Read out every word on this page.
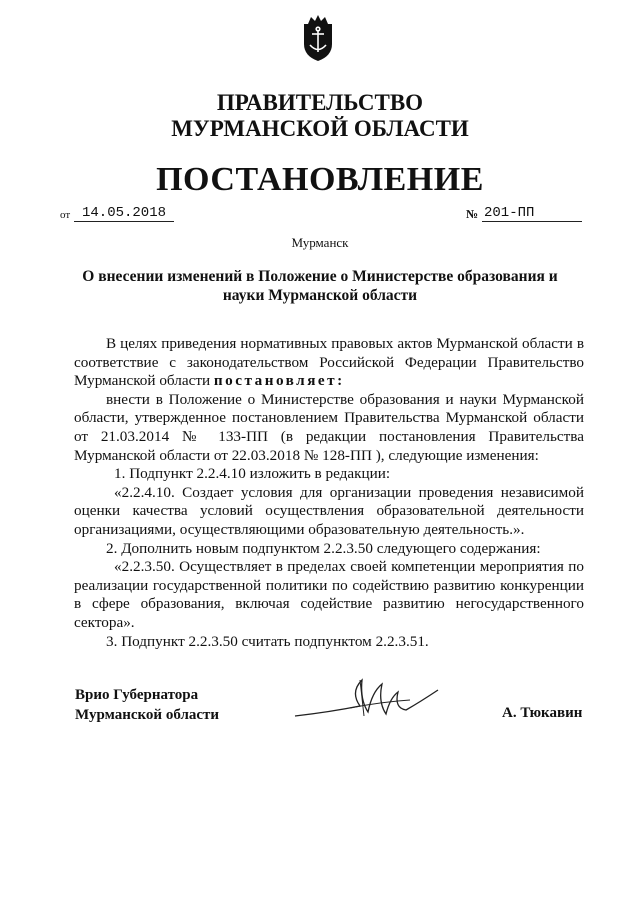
ПРАВИТЕЛЬСТВО
МУРМАНСКОЙ ОБЛАСТИ
ПОСТАНОВЛЕНИЕ
от 14.05.2018	№ 201-ПП
Мурманск
О внесении изменений в Положение о Министерстве образования и науки Мурманской области

В целях приведения нормативных правовых актов Мурманской области в соответствие с законодательством Российской Федерации Правительство Мурманской области постановляет:

внести в Положение о Министерстве образования и науки Мурманской области, утвержденное постановлением Правительства Мурманской области от 21.03.2014 № 133-ПП (в редакции постановления Правительства Мурманской области от 22.03.2018 № 128-ПП ), следующие изменения:

1. Подпункт 2.2.4.10 изложить в редакции:

«2.2.4.10. Создает условия для организации проведения независимой оценки качества условий осуществления образовательной деятельности организациями, осуществляющими образовательную деятельность.».

2. Дополнить новым подпунктом 2.2.3.50 следующего содержания:

«2.2.3.50. Осуществляет в пределах своей компетенции мероприятия по реализации государственной политики по содействию развитию конкуренции в сфере образования, включая содействие развитию негосударственного сектора».

3. Подпункт 2.2.3.50 считать подпунктом 2.2.3.51.

Врио Губернатора
Мурманской области	А. Тюкавин
